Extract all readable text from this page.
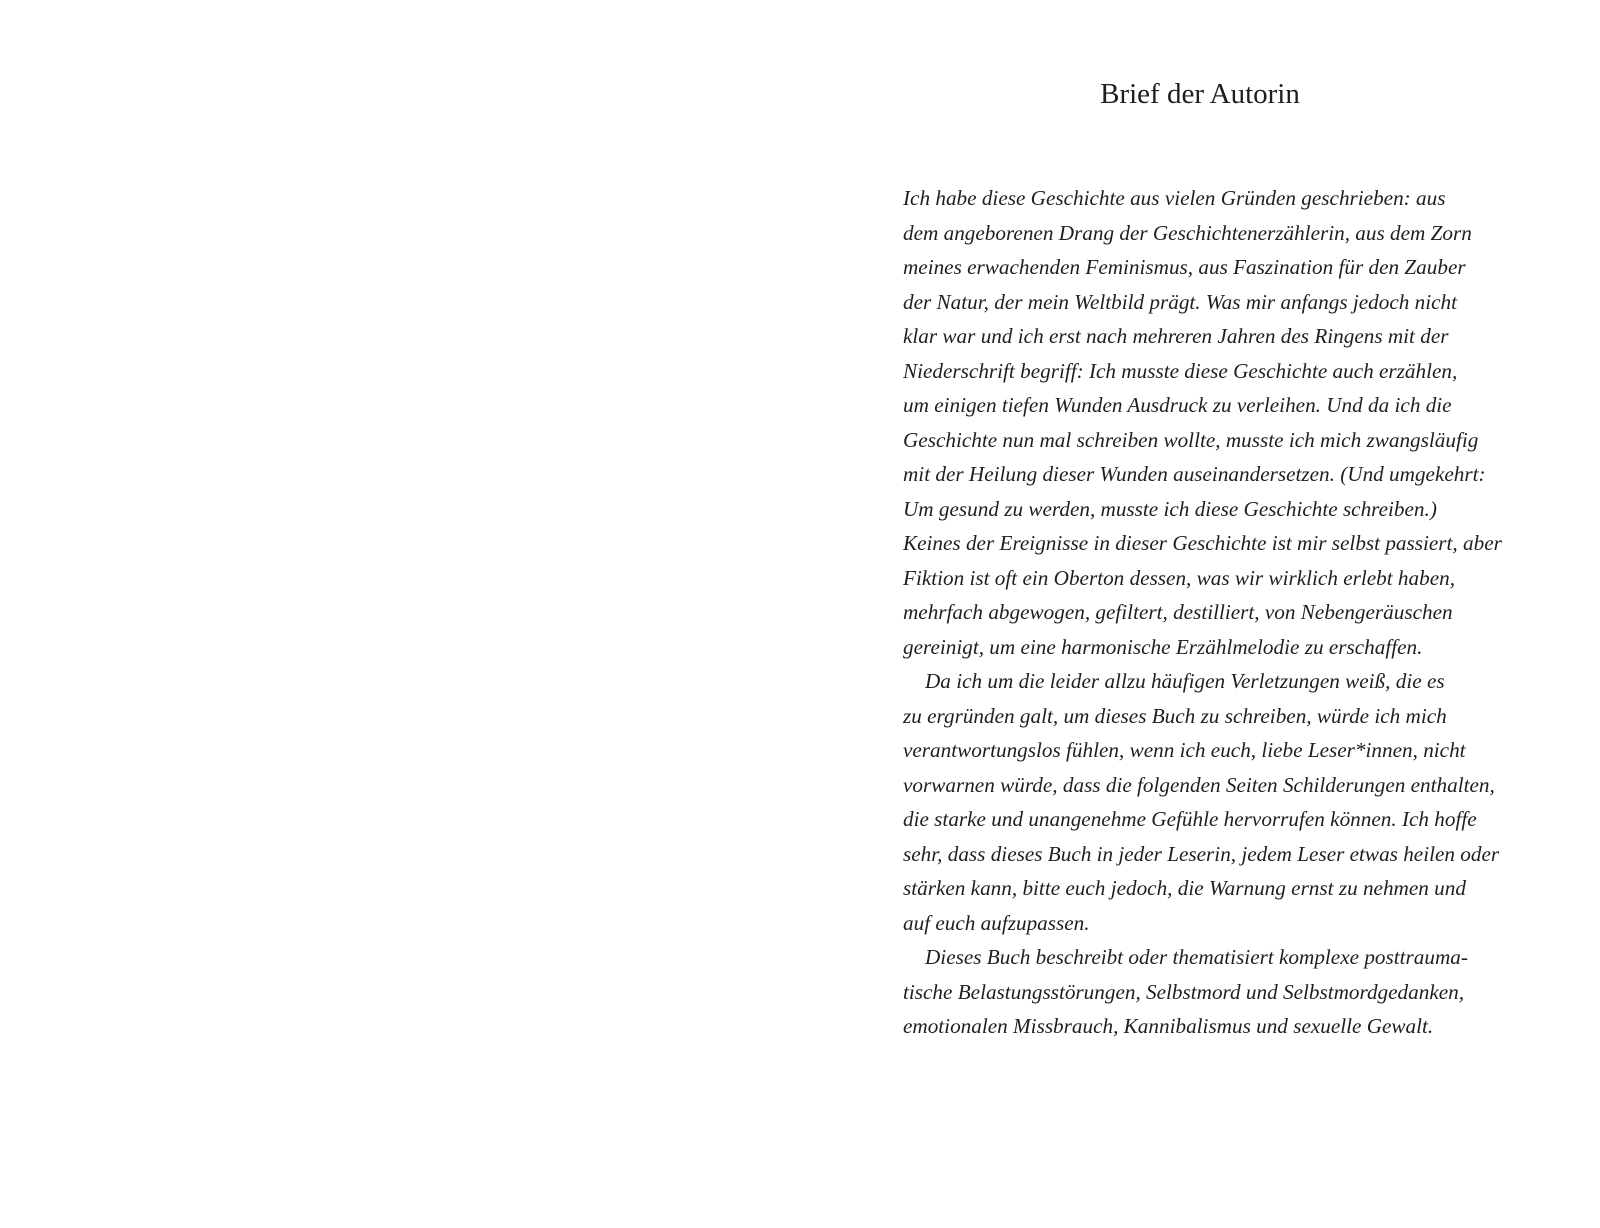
Brief der Autorin
Ich habe diese Geschichte aus vielen Gründen geschrieben: aus
dem angeborenen Drang der Geschichtenerzählerin, aus dem Zorn
meines erwachenden Feminismus, aus Faszination für den Zauber
der Natur, der mein Weltbild prägt. Was mir anfangs jedoch nicht
klar war und ich erst nach mehreren Jahren des Ringens mit der
Niederschrift begriff: Ich musste diese Geschichte auch erzählen,
um einigen tiefen Wunden Ausdruck zu verleihen. Und da ich die
Geschichte nun mal schreiben wollte, musste ich mich zwangsläufig
mit der Heilung dieser Wunden auseinandersetzen. (Und umgekehrt:
Um gesund zu werden, musste ich diese Geschichte schreiben.)
Keines der Ereignisse in dieser Geschichte ist mir selbst passiert, aber
Fiktion ist oft ein Oberton dessen, was wir wirklich erlebt haben,
mehrfach abgewogen, gefiltert, destilliert, von Nebengeräuschen
gereinigt, um eine harmonische Erzählmelodie zu erschaffen.
Da ich um die leider allzu häufigen Verletzungen weiß, die es
zu ergründen galt, um dieses Buch zu schreiben, würde ich mich
verantwortungslos fühlen, wenn ich euch, liebe Leser*innen, nicht
vorwarnen würde, dass die folgenden Seiten Schilderungen enthalten,
die starke und unangenehme Gefühle hervorrufen können. Ich hoffe
sehr, dass dieses Buch in jeder Leserin, jedem Leser etwas heilen oder
stärken kann, bitte euch jedoch, die Warnung ernst zu nehmen und
auf euch aufzupassen.
Dieses Buch beschreibt oder thematisiert komplexe posttrauma-
tische Belastungsstörungen, Selbstmord und Selbstmordgedanken,
emotionalen Missbrauch, Kannibalismus und sexuelle Gewalt.
